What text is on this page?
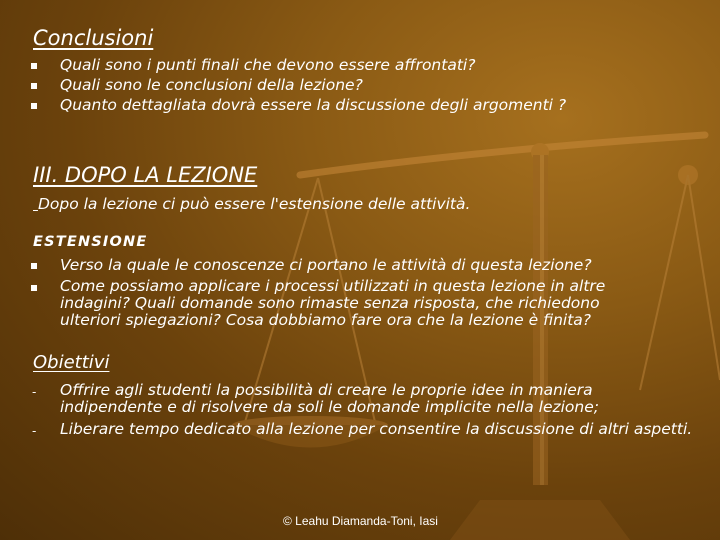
Conclusioni
Quali sono i punti finali che devono essere affrontati?
Quali sono le conclusioni della lezione?
Quanto dettagliata dovrà essere la discussione degli argomenti ?
III. DOPO LA LEZIONE
Dopo la lezione ci può essere l'estensione delle attività.
ESTENSIONE
Verso la quale le conoscenze ci portano le attività di questa lezione?
Come possiamo applicare i processi utilizzati in questa lezione in altre
indagini? Quali domande sono rimaste senza risposta, che richiedono
ulteriori spiegazioni? Cosa dobbiamo fare ora che la lezione è finita?
Obiettivi
- Offrire agli studenti la possibilità di creare le proprie idee in maniera
indipendente e di risolvere da soli le domande implicite nella lezione;
- Liberare tempo dedicato alla lezione per consentire la discussione di altri aspetti.
© Leahu Diamanda-Toni, Iasi
